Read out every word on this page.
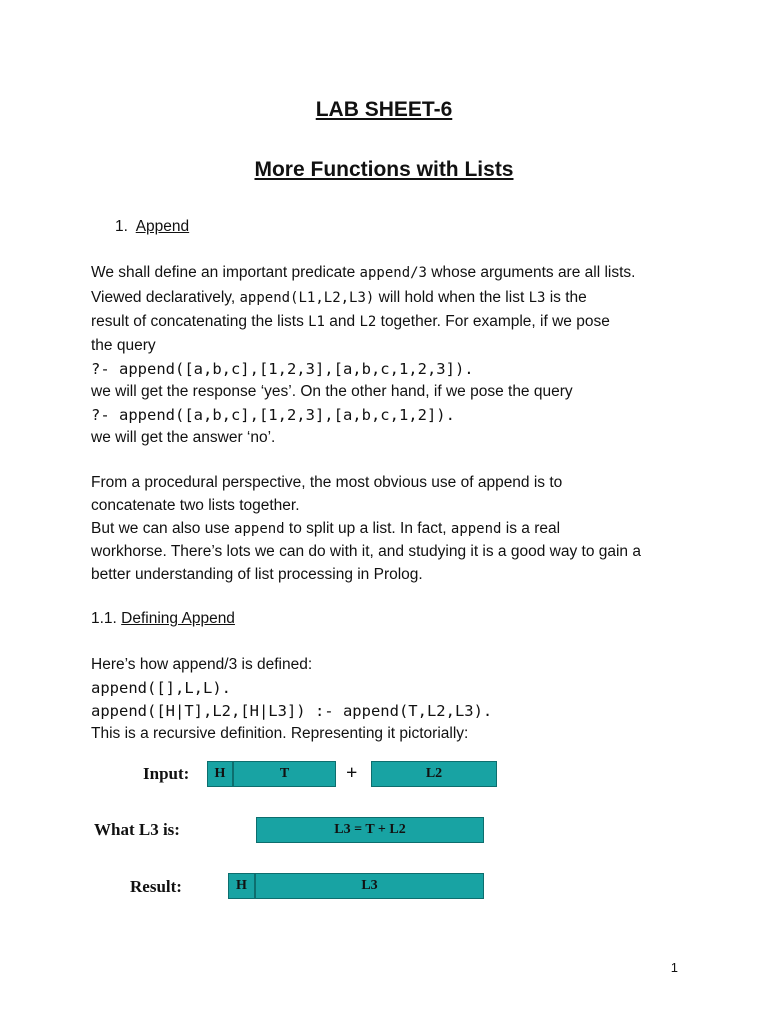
LAB SHEET-6
More Functions with Lists
1. Append
We shall define an important predicate append/3 whose arguments are all lists.
Viewed declaratively, append(L1,L2,L3) will hold when the list L3 is the
result of concatenating the lists L1 and L2 together. For example, if we pose
the query
?- append([a,b,c],[1,2,3],[a,b,c,1,2,3]).
we will get the response ‘yes’. On the other hand, if we pose the query
?- append([a,b,c],[1,2,3],[a,b,c,1,2]).
we will get the answer ‘no’.
From a procedural perspective, the most obvious use of append is to
concatenate two lists together.
But we can also use append to split up a list. In fact, append is a real
workhorse. There’s lots we can do with it, and studying it is a good way to gain a
better understanding of list processing in Prolog.
1.1. Defining Append
Here’s how append/3 is defined:
append([],L,L).
append([H|T],L2,[H|L3]) :- append(T,L2,L3).
This is a recursive definition. Representing it pictorially:
Input:	H	T	+	L2
What L3 is:	L3 = T + L2
Result:	H	L3
1
